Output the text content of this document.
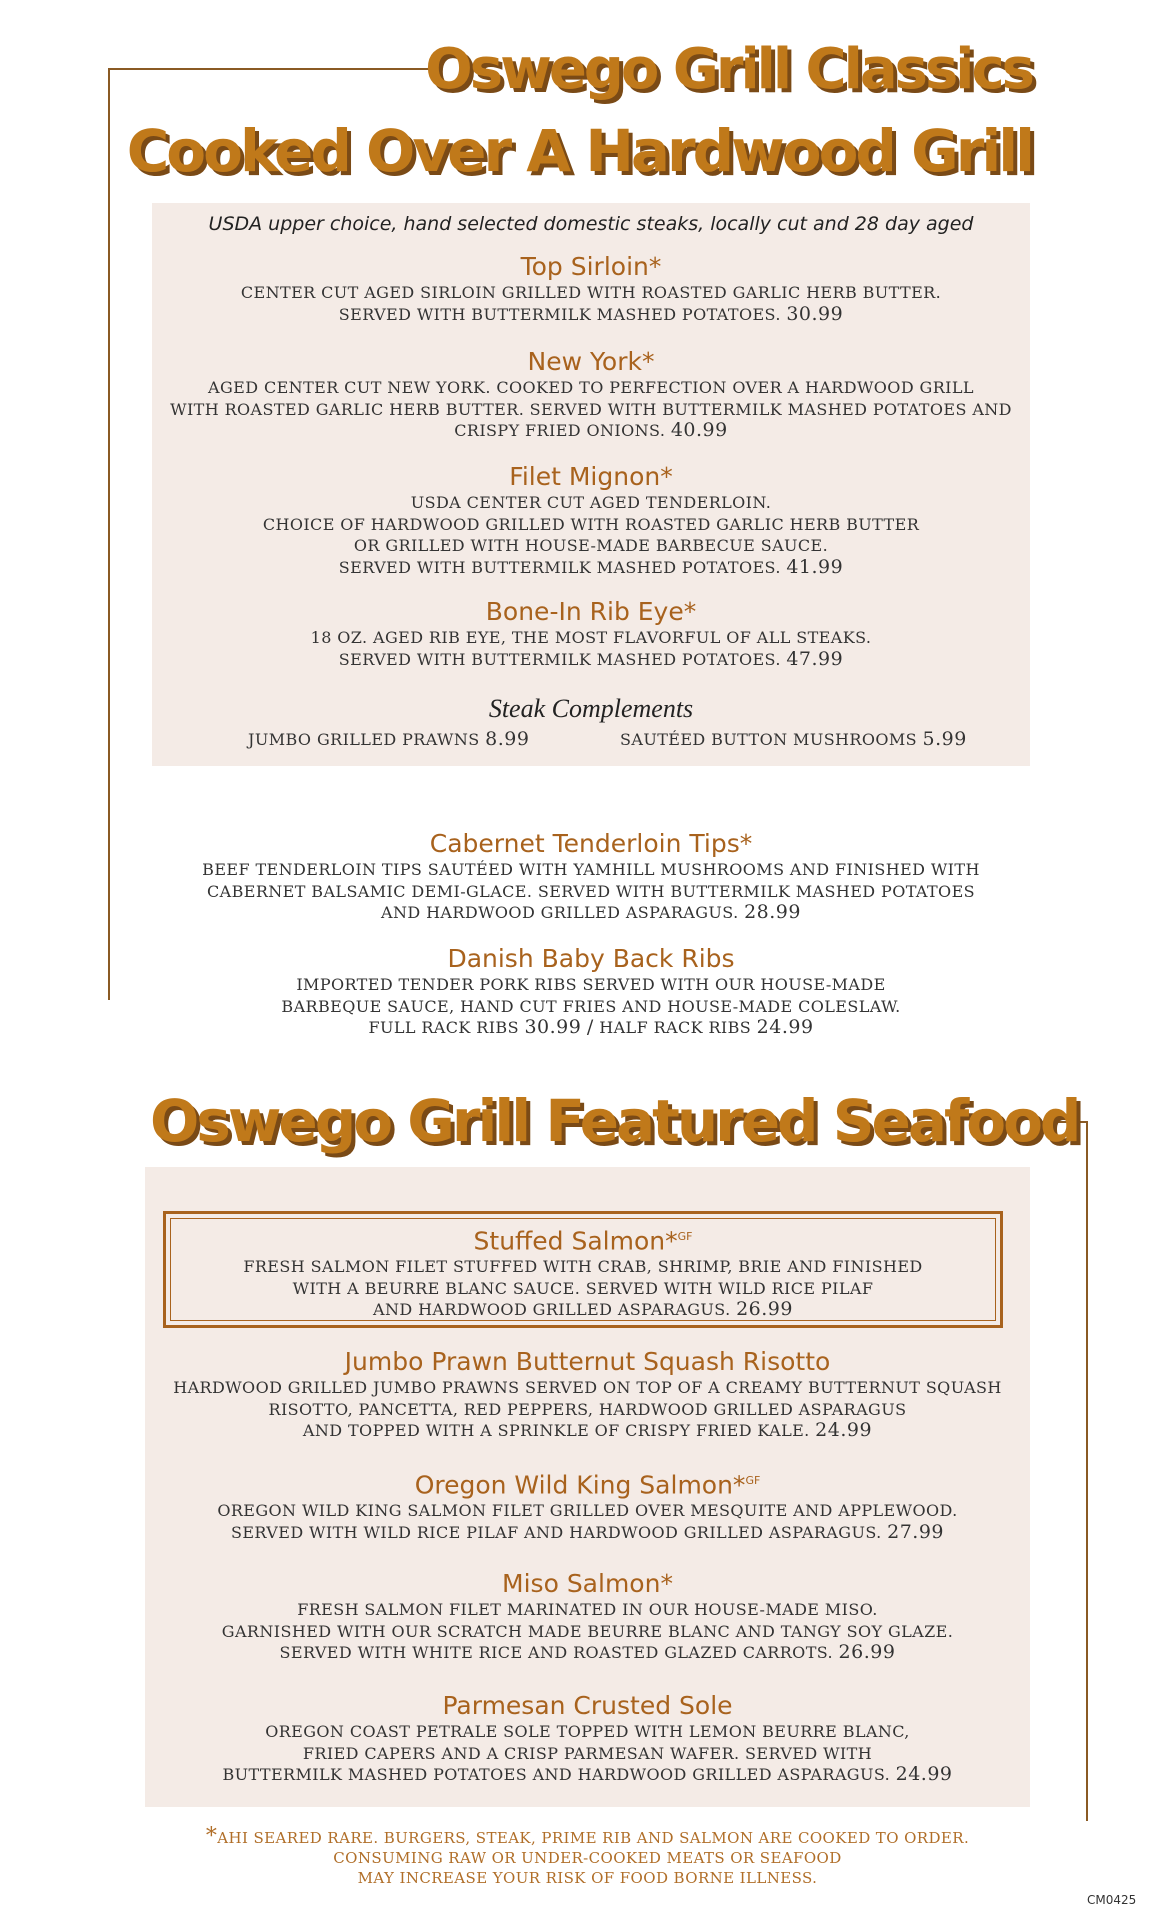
Oswego Grill Classics
Cooked Over A Hardwood Grill
USDA upper choice, hand selected domestic steaks, locally cut and 28 day aged
Top Sirloin*
CENTER CUT AGED SIRLOIN GRILLED WITH ROASTED GARLIC HERB BUTTER.
SERVED WITH BUTTERMILK MASHED POTATOES. 30.99
New York*
AGED CENTER CUT NEW YORK. COOKED TO PERFECTION OVER A HARDWOOD GRILL
WITH ROASTED GARLIC HERB BUTTER. SERVED WITH BUTTERMILK MASHED POTATOES AND
CRISPY FRIED ONIONS. 40.99
Filet Mignon*
USDA CENTER CUT AGED TENDERLOIN.
CHOICE OF HARDWOOD GRILLED WITH ROASTED GARLIC HERB BUTTER
OR GRILLED WITH HOUSE-MADE BARBECUE SAUCE.
SERVED WITH BUTTERMILK MASHED POTATOES. 41.99
Bone-In Rib Eye*
18 OZ. AGED RIB EYE, THE MOST FLAVORFUL OF ALL STEAKS.
SERVED WITH BUTTERMILK MASHED POTATOES. 47.99
Steak Complements
JUMBO GRILLED PRAWNS 8.99	SAUTÉED BUTTON MUSHROOMS 5.99
Cabernet Tenderloin Tips*
BEEF TENDERLOIN TIPS SAUTÉED WITH YAMHILL MUSHROOMS AND FINISHED WITH
CABERNET BALSAMIC DEMI-GLACE. SERVED WITH BUTTERMILK MASHED POTATOES
AND HARDWOOD GRILLED ASPARAGUS. 28.99
Danish Baby Back Ribs
IMPORTED TENDER PORK RIBS SERVED WITH OUR HOUSE-MADE
BARBEQUE SAUCE, HAND CUT FRIES AND HOUSE-MADE COLESLAW.
FULL RACK RIBS 30.99 / HALF RACK RIBS 24.99
Oswego Grill Featured Seafood
Stuffed Salmon*$^{GF}$
FRESH SALMON FILET STUFFED WITH CRAB, SHRIMP, BRIE AND FINISHED
WITH A BEURRE BLANC SAUCE. SERVED WITH WILD RICE PILAF
AND HARDWOOD GRILLED ASPARAGUS. 26.99
Jumbo Prawn Butternut Squash Risotto
HARDWOOD GRILLED JUMBO PRAWNS SERVED ON TOP OF A CREAMY BUTTERNUT SQUASH
RISOTTO, PANCETTA, RED PEPPERS, HARDWOOD GRILLED ASPARAGUS
AND TOPPED WITH A SPRINKLE OF CRISPY FRIED KALE. 24.99
Oregon Wild King Salmon*$^{GF}$
OREGON WILD KING SALMON FILET GRILLED OVER MESQUITE AND APPLEWOOD.
SERVED WITH WILD RICE PILAF AND HARDWOOD GRILLED ASPARAGUS. 27.99
Miso Salmon*
FRESH SALMON FILET MARINATED IN OUR HOUSE-MADE MISO.
GARNISHED WITH OUR SCRATCH MADE BEURRE BLANC AND TANGY SOY GLAZE.
SERVED WITH WHITE RICE AND ROASTED GLAZED CARROTS. 26.99
Parmesan Crusted Sole
OREGON COAST PETRALE SOLE TOPPED WITH LEMON BEURRE BLANC,
FRIED CAPERS AND A CRISP PARMESAN WAFER. SERVED WITH
BUTTERMILK MASHED POTATOES AND HARDWOOD GRILLED ASPARAGUS. 24.99
*AHI SEARED RARE. BURGERS, STEAK, PRIME RIB AND SALMON ARE COOKED TO ORDER.
CONSUMING RAW OR UNDER-COOKED MEATS OR SEAFOOD
MAY INCREASE YOUR RISK OF FOOD BORNE ILLNESS.
CM0425
